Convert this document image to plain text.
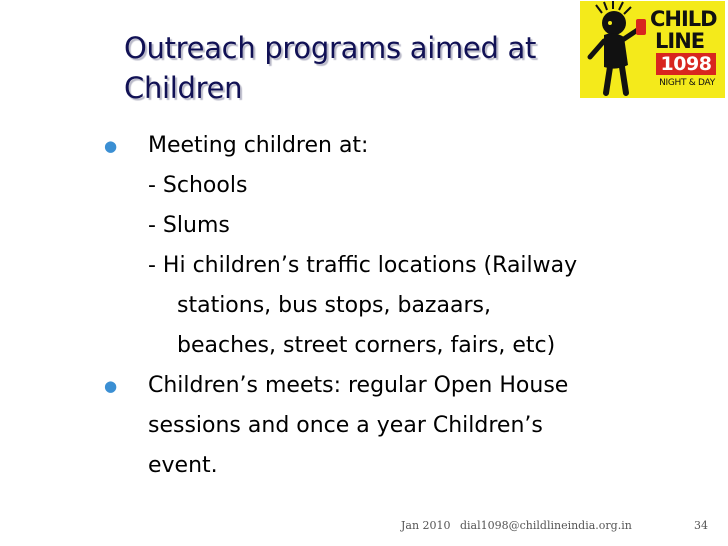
Outreach programs aimed at
Children
CHILD
LINE
1098
NIGHT & DAY
● Meeting children at:
- Schools
- Slums
- Hi children’s traffic locations (Railway
stations, bus stops, bazaars,
beaches, street corners, fairs, etc)
● Children’s meets: regular Open House
sessions and once a year Children’s
event.
Jan 2010 dial1098@childlineindia.org.in	34
